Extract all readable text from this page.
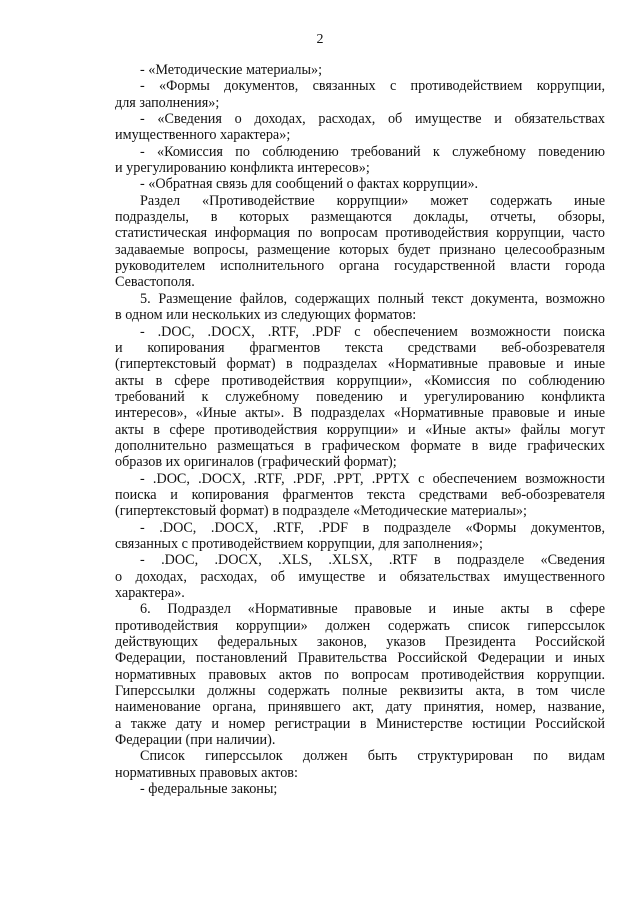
2
- «Методические материалы»;
- «Формы документов, связанных с противодействием коррупции,
для заполнения»;
- «Сведения о доходах, расходах, об имуществе и обязательствах
имущественного характера»;
- «Комиссия по соблюдению требований к служебному поведению
и урегулированию конфликта интересов»;
- «Обратная связь для сообщений о фактах коррупции».
Раздел «Противодействие коррупции» может содержать иные
подразделы, в которых размещаются доклады, отчеты, обзоры,
статистическая информация по вопросам противодействия коррупции, часто
задаваемые вопросы, размещение которых будет признано целесообразным
руководителем исполнительного органа государственной власти города
Севастополя.
5. Размещение файлов, содержащих полный текст документа, возможно
в одном или нескольких из следующих форматов:
- .DOC, .DOCX, .RTF, .PDF с обеспечением возможности поиска
и копирования фрагментов текста средствами веб-обозревателя
(гипертекстовый формат) в подразделах «Нормативные правовые и иные
акты в сфере противодействия коррупции», «Комиссия по соблюдению
требований к служебному поведению и урегулированию конфликта
интересов», «Иные акты». В подразделах «Нормативные правовые и иные
акты в сфере противодействия коррупции» и «Иные акты» файлы могут
дополнительно размещаться в графическом формате в виде графических
образов их оригиналов (графический формат);
- .DOC, .DOCX, .RTF, .PDF, .PPT, .PPTX с обеспечением возможности
поиска и копирования фрагментов текста средствами веб-обозревателя
(гипертекстовый формат) в подразделе «Методические материалы»;
- .DOC, .DOCX, .RTF, .PDF в подразделе «Формы документов,
связанных с противодействием коррупции, для заполнения»;
- .DOC, .DOCX, .XLS, .XLSX, .RTF в подразделе «Сведения
о доходах, расходах, об имуществе и обязательствах имущественного
характера».
6. Подраздел «Нормативные правовые и иные акты в сфере
противодействия коррупции» должен содержать список гиперссылок
действующих федеральных законов, указов Президента Российской
Федерации, постановлений Правительства Российской Федерации и иных
нормативных правовых актов по вопросам противодействия коррупции.
Гиперссылки должны содержать полные реквизиты акта, в том числе
наименование органа, принявшего акт, дату принятия, номер, название,
а также дату и номер регистрации в Министерстве юстиции Российской
Федерации (при наличии).
Список гиперссылок должен быть структурирован по видам
нормативных правовых актов:
- федеральные законы;
